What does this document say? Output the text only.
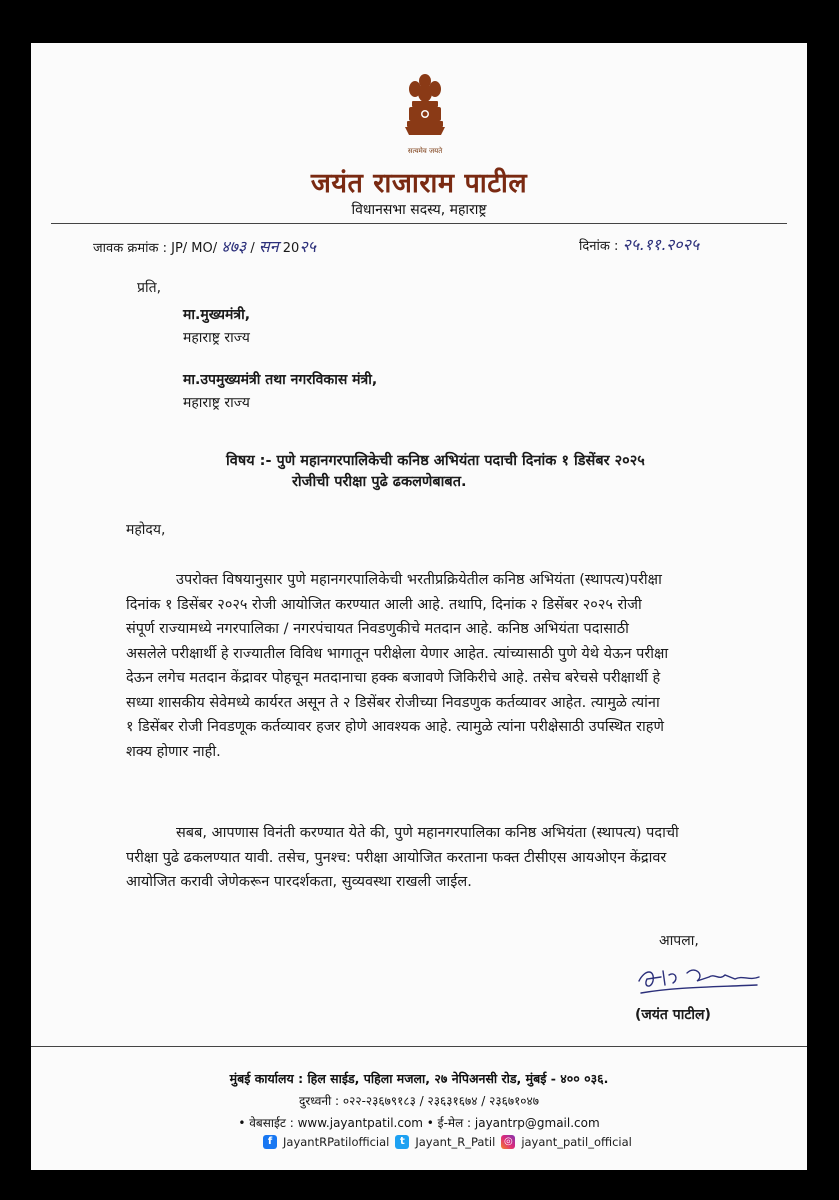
सत्यमेव जयते
जयंत राजाराम पाटील
विधानसभा सदस्य, महाराष्ट्र
जावक क्रमांक : JP/ MO/ ४७३ / सन 20२५	दिनांक : २५.११.२०२५
प्रति,
मा.मुख्यमंत्री,
महाराष्ट्र राज्य
मा.उपमुख्यमंत्री तथा नगरविकास मंत्री,
महाराष्ट्र राज्य
विषय :- पुणे महानगरपालिकेची कनिष्ठ अभियंता पदाची दिनांक १ डिसेंबर २०२५
रोजीची परीक्षा पुढे ढकलणेबाबत.
महोदय,
उपरोक्त विषयानुसार पुणे महानगरपालिकेची भरतीप्रक्रियेतील कनिष्ठ अभियंता (स्थापत्य)परीक्षा
दिनांक १ डिसेंबर २०२५ रोजी आयोजित करण्यात आली आहे. तथापि, दिनांक २ डिसेंबर २०२५ रोजी
संपूर्ण राज्यामध्ये नगरपालिका / नगरपंचायत निवडणुकीचे मतदान आहे. कनिष्ठ अभियंता पदासाठी
असलेले परीक्षार्थी हे राज्यातील विविध भागातून परीक्षेला येणार आहेत. त्यांच्यासाठी पुणे येथे येऊन परीक्षा
देऊन लगेच मतदान केंद्रावर पोहचून मतदानाचा हक्क बजावणे जिकिरीचे आहे. तसेच बरेचसे परीक्षार्थी हे
सध्या शासकीय सेवेमध्ये कार्यरत असून ते २ डिसेंबर रोजीच्या निवडणुक कर्तव्यावर आहेत. त्यामुळे त्यांना
१ डिसेंबर रोजी निवडणूक कर्तव्यावर हजर होणे आवश्यक आहे. त्यामुळे त्यांना परीक्षेसाठी उपस्थित राहणे
शक्य होणार नाही.
सबब, आपणास विनंती करण्यात येते की, पुणे महानगरपालिका कनिष्ठ अभियंता (स्थापत्य) पदाची
परीक्षा पुढे ढकलण्यात यावी. तसेच, पुनश्च: परीक्षा आयोजित करताना फक्त टीसीएस आयओएन केंद्रावर
आयोजित करावी जेणेकरून पारदर्शकता, सुव्यवस्था राखली जाईल.
आपला,
(जयंत पाटील)
मुंबई कार्यालय : हिल साईड, पहिला मजला, २७ नेपिअनसी रोड, मुंबई - ४०० ०३६.
दुरध्वनी : ०२२-२३६७९१८३ / २३६३१६७४ / २३६७१०४७
• वेबसाईट : www.jayantpatil.com • ई-मेल : jayantrp@gmail.com
f JayantRPatilofficial	t Jayant_R_Patil ◎ jayant_patil_official
